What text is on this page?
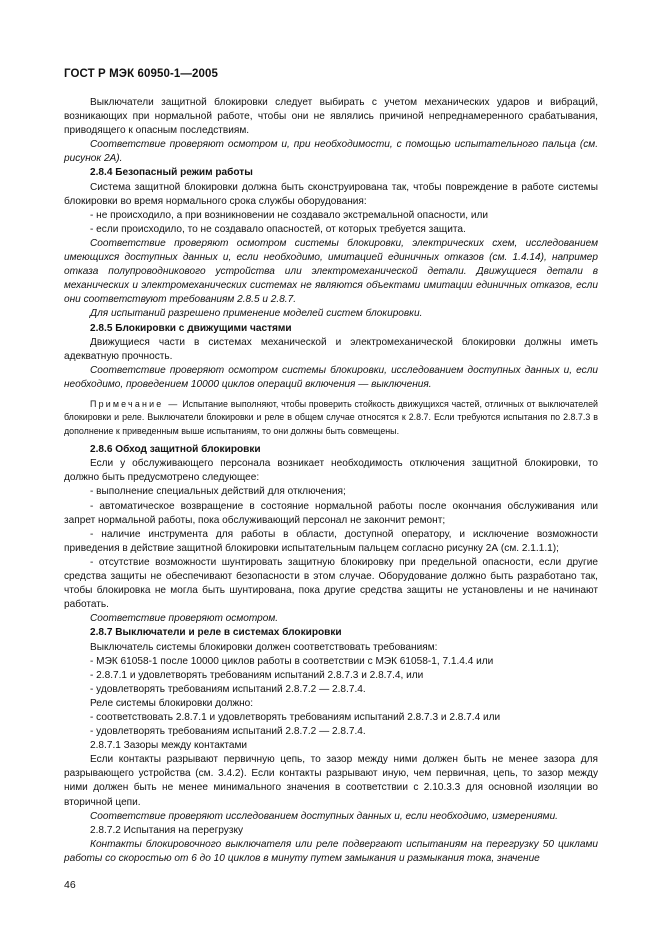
ГОСТ Р МЭК 60950-1—2005

Выключатели защитной блокировки следует выбирать с учетом механических ударов и вибраций, возникающих при нормальной работе, чтобы они не являлись причиной непреднамеренного срабатывания, приводящего к опасным последствиям.

Соответствие проверяют осмотром и, при необходимости, с помощью испытательного пальца (см. рисунок 2А).

2.8.4 Безопасный режим работы

Система защитной блокировки должна быть сконструирована так, чтобы повреждение в работе системы блокировки во время нормального срока службы оборудования:

- не происходило, а при возникновении не создавало экстремальной опасности, или

- если происходило, то не создавало опасностей, от которых требуется защита.

Соответствие проверяют осмотром системы блокировки, электрических схем, исследованием имеющихся доступных данных и, если необходимо, имитацией единичных отказов (см. 1.4.14), например отказа полупроводникового устройства или электромеханической детали. Движущиеся детали в механических и электромеханических системах не являются объектами имитации единичных отказов, если они соответствуют требованиям 2.8.5 и 2.8.7.

Для испытаний разрешено применение моделей систем блокировки.

2.8.5 Блокировки с движущими частями

Движущиеся части в системах механической и электромеханической блокировки должны иметь адекватную прочность.

Соответствие проверяют осмотром системы блокировки, исследованием доступных данных и, если необходимо, проведением 10000 циклов операций включения — выключения.

Примечание — Испытание выполняют, чтобы проверить стойкость движущихся частей, отличных от выключателей блокировки и реле. Выключатели блокировки и реле в общем случае относятся к 2.8.7. Если требуются испытания по 2.8.7.3 в дополнение к приведенным выше испытаниям, то они должны быть совмещены.

2.8.6 Обход защитной блокировки

Если у обслуживающего персонала возникает необходимость отключения защитной блокировки, то должно быть предусмотрено следующее:

- выполнение специальных действий для отключения;

- автоматическое возвращение в состояние нормальной работы после окончания обслуживания или запрет нормальной работы, пока обслуживающий персонал не закончит ремонт;

- наличие инструмента для работы в области, доступной оператору, и исключение возможности приведения в действие защитной блокировки испытательным пальцем согласно рисунку 2А (см. 2.1.1.1);

- отсутствие возможности шунтировать защитную блокировку при предельной опасности, если другие средства защиты не обеспечивают безопасности в этом случае. Оборудование должно быть разработано так, чтобы блокировка не могла быть шунтирована, пока другие средства защиты не установлены и не начинают работать.

Соответствие проверяют осмотром.

2.8.7 Выключатели и реле в системах блокировки

Выключатель системы блокировки должен соответствовать требованиям:

- МЭК 61058-1 после 10000 циклов работы в соответствии с МЭК 61058-1, 7.1.4.4 или

- 2.8.7.1 и удовлетворять требованиям испытаний 2.8.7.3 и 2.8.7.4, или

- удовлетворять требованиям испытаний 2.8.7.2 — 2.8.7.4.

Реле системы блокировки должно:

- соответствовать 2.8.7.1 и удовлетворять требованиям испытаний 2.8.7.3 и 2.8.7.4 или

- удовлетворять требованиям испытаний 2.8.7.2 — 2.8.7.4.

2.8.7.1 Зазоры между контактами

Если контакты разрывают первичную цепь, то зазор между ними должен быть не менее зазора для разрывающего устройства (см. 3.4.2). Если контакты разрывают иную, чем первичная, цепь, то зазор между ними должен быть не менее минимального значения в соответствии с 2.10.3.3 для основной изоляции во вторичной цепи.

Соответствие проверяют исследованием доступных данных и, если необходимо, измерениями.

2.8.7.2 Испытания на перегрузку

Контакты блокировочного выключателя или реле подвергают испытаниям на перегрузку 50 циклами работы со скоростью от 6 до 10 циклов в минуту путем замыкания и размыкания тока, значение

46
